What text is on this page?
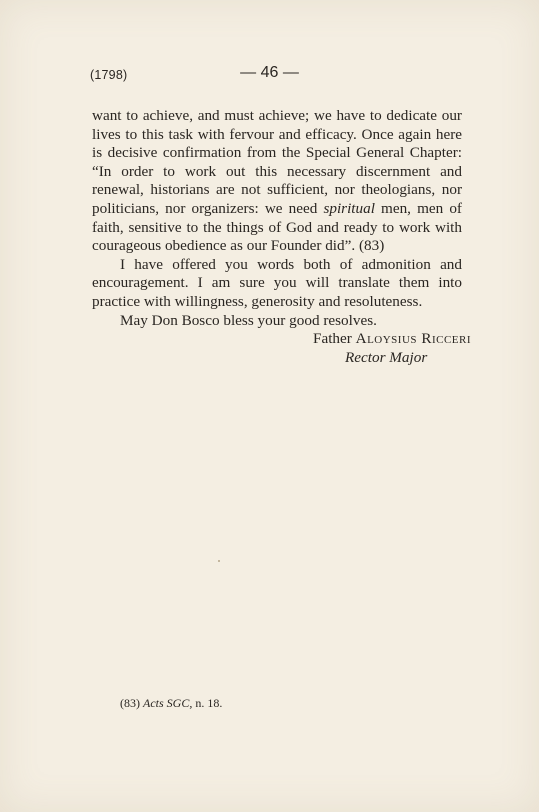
(1798)	— 46 —

want to achieve, and must achieve; we have to dedicate our lives to this task with fervour and efficacy. Once again here is decisive confirmation from the Special General Chapter: “In order to work out this necessary discernment and renewal, historians are not sufficient, nor theologians, nor politicians, nor organizers: we need spiritual men, men of faith, sensitive to the things of God and ready to work with courageous obedience as our Founder did”. (83)

I have offered you words both of admonition and encouragement. I am sure you will translate them into practice with willingness, generosity and resoluteness.

May Don Bosco bless your good resolves.

Father Aloysius Ricceri
Rector Major
(83) Acts SGC, n. 18.
